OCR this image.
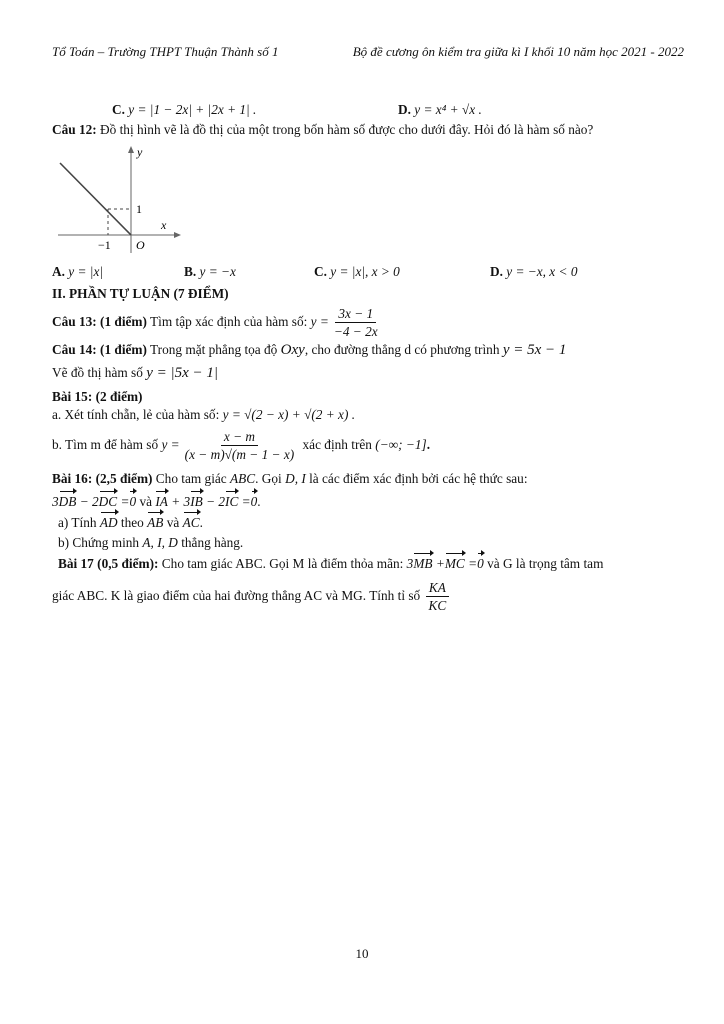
Tổ Toán – Trường THPT Thuận Thành số 1	Bộ đề cương ôn kiểm tra giữa kì I khối 10 năm học 2021 - 2022
C. y = |1 − 2x| + |2x + 1| .	D. y = x⁴ + √x .
Câu 12: Đồ thị hình vẽ là đồ thị của một trong bốn hàm số được cho dưới đây. Hỏi đó là hàm số nào?
y
x
O
−1
1
A. y = |x|	B. y = −x	C. y = |x|, x > 0	D. y = −x, x < 0
II. PHẦN TỰ LUẬN (7 ĐIỂM)
Câu 13: (1 điểm) Tìm tập xác định của hàm số: $y = \frac{3x - 1}{-4 - 2x}$
Câu 14: (1 điểm) Trong mặt phẳng tọa độ Oxy, cho đường thẳng d có phương trình y = 5x − 1
Vẽ đồ thị hàm số y = |5x − 1|
Bài 15: (2 điểm)
a. Xét tính chẵn, lẻ của hàm số: y = √(2 − x) + √(2 + x) .
b. Tìm m để hàm số $y = \frac{x - m}{(x - m)√(m - 1 - x)}$ xác định trên (−∞; −1].
Bài 16: (2,5 điểm) Cho tam giác ABC. Gọi D, I là các điểm xác định bởi các hệ thức sau:
3DB − 2DC =0 và IA + 3IB − 2IC =0.
a) Tính AD theo AB và AC.
b) Chứng minh A, I, D thẳng hàng.
Bài 17 (0,5 điểm): Cho tam giác ABC. Gọi M là điểm thỏa mãn: 3MB +MC =0 và G là trọng tâm tam
giác ABC. K là giao điểm của hai đường thẳng AC và MG. Tính tỉ số $\frac{KA}{KC}$
10
